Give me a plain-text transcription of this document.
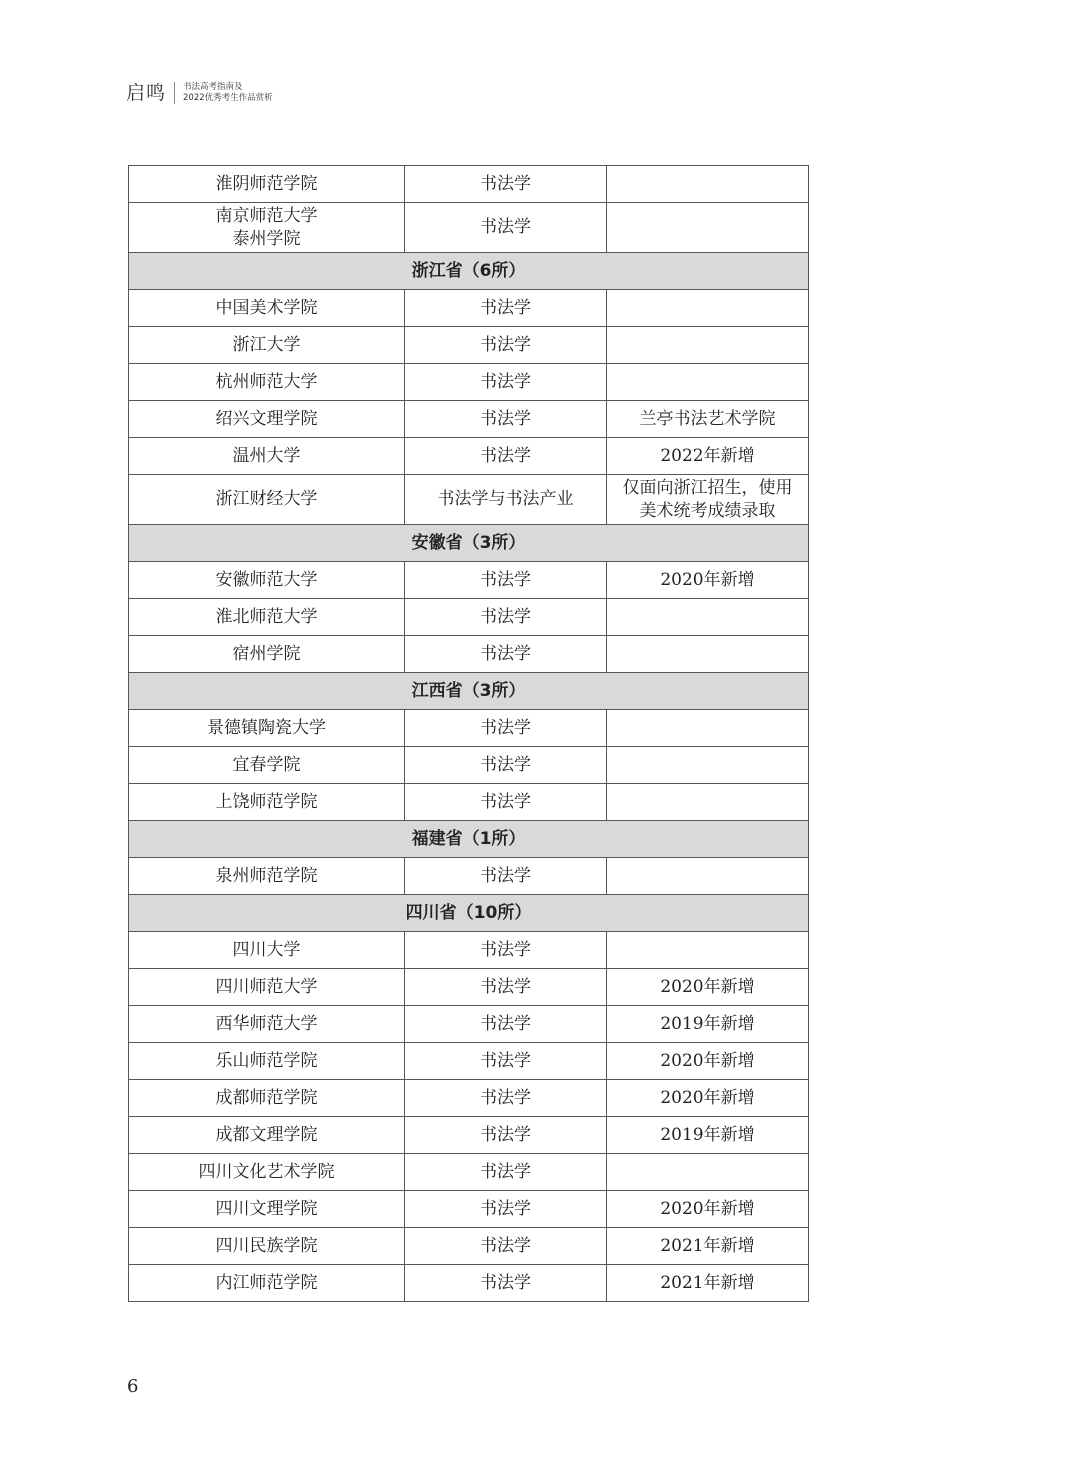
启鸣	书法高考指南及
2022优秀考生作品赏析
淮阴师范学院	书法学	

南京师范大学
泰州学院	书法学	
浙江省（6所）		
中国美术学院	书法学	
浙江大学	书法学	
杭州师范大学	书法学	
绍兴文理学院	书法学	兰亭书法艺术学院
温州大学	书法学	2022年新增
浙江财经大学	书法学与书法产业	仅面向浙江招生，使用
美术统考成绩录取

安徽省（3所）		
安徽师范大学	书法学	2020年新增
淮北师范大学	书法学	
宿州学院	书法学	
江西省（3所）		
景德镇陶瓷大学	书法学	
宜春学院	书法学	
上饶师范学院	书法学	
福建省（1所）		
泉州师范学院	书法学	
四川省（10所）		
四川大学	书法学	
四川师范大学	书法学	2020年新增
西华师范大学	书法学	2019年新增
乐山师范学院	书法学	2020年新增
成都师范学院	书法学	2020年新增
成都文理学院	书法学	2019年新增
四川文化艺术学院	书法学	
四川文理学院	书法学	2020年新增
四川民族学院	书法学	2021年新增
内江师范学院	书法学	2021年新增
6
